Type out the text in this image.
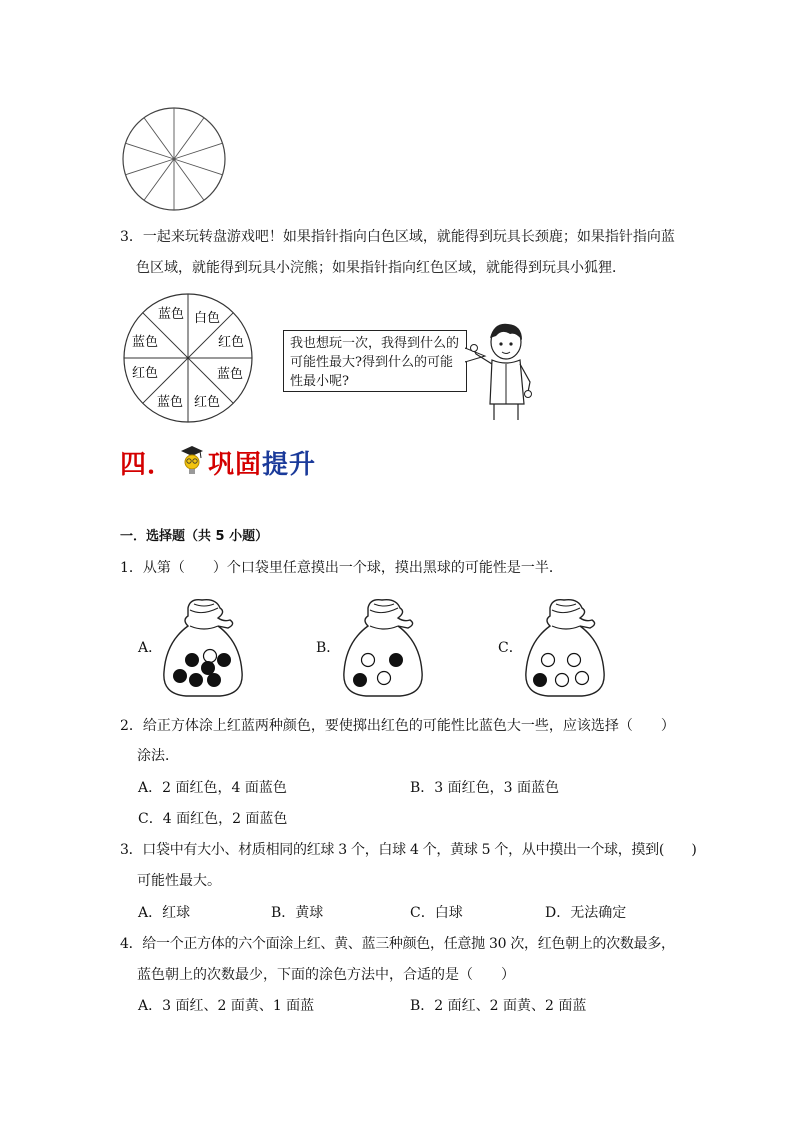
3．一起来玩转盘游戏吧！如果指针指向白色区域，就能得到玩具长颈鹿；如果指针指向蓝
色区域，就能得到玩具小浣熊；如果指针指向红色区域，就能得到玩具小狐狸．
蓝色 白色
红色
蓝色
红色
蓝色
红色
蓝色	我也想玩一次，我得到什么的可能性最大?得到什么的可能性最小呢?
四． 巩固 提升
一．选择题（共 5 小题）
1．从第（　　）个口袋里任意摸出一个球，摸出黑球的可能性是一半．
A．	B．	C．
2．给正方体涂上红蓝两种颜色，要使掷出红色的可能性比蓝色大一些，应该选择（　　）
涂法．
A．2 面红色，4 面蓝色	B．3 面红色，3 面蓝色
C．4 面红色，2 面蓝色
3．口袋中有大小、材质相同的红球 3 个，白球 4 个，黄球 5 个，从中摸出一个球，摸到(　　)
可能性最大。
A．红球	B．黄球	C．白球	D．无法确定
4．给一个正方体的六个面涂上红、黄、蓝三种颜色，任意抛 30 次，红色朝上的次数最多，
蓝色朝上的次数最少，下面的涂色方法中，合适的是（　　）
A．3 面红、2 面黄、1 面蓝	B．2 面红、2 面黄、2 面蓝
